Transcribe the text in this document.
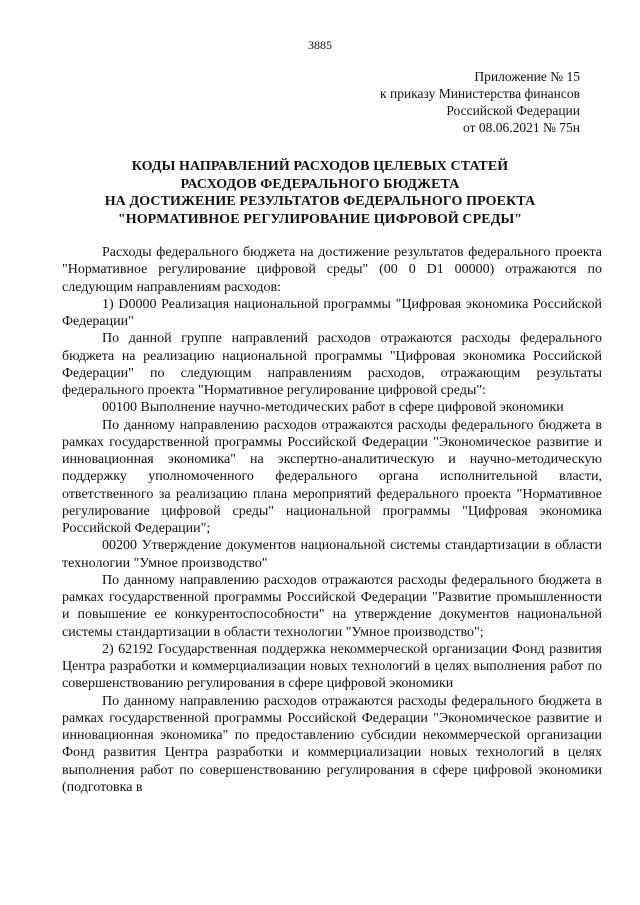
3885
Приложение № 15
к приказу Министерства финансов
Российской Федерации
от 08.06.2021 № 75н
КОДЫ НАПРАВЛЕНИЙ РАСХОДОВ ЦЕЛЕВЫХ СТАТЕЙ
РАСХОДОВ ФЕДЕРАЛЬНОГО БЮДЖЕТА
НА ДОСТИЖЕНИЕ РЕЗУЛЬТАТОВ ФЕДЕРАЛЬНОГО ПРОЕКТА
"НОРМАТИВНОЕ РЕГУЛИРОВАНИЕ ЦИФРОВОЙ СРЕДЫ"

Расходы федерального бюджета на достижение результатов федерального проекта "Нормативное регулирование цифровой среды" (00 0 D1 00000) отражаются по следующим направлениям расходов:

1) D0000 Реализация национальной программы "Цифровая экономика Российской Федерации"

По данной группе направлений расходов отражаются расходы федерального бюджета на реализацию национальной программы "Цифровая экономика Российской Федерации" по следующим направлениям расходов, отражающим результаты федерального проекта "Нормативное регулирование цифровой среды":

00100 Выполнение научно-методических работ в сфере цифровой экономики

По данному направлению расходов отражаются расходы федерального бюджета в рамках государственной программы Российской Федерации "Экономическое развитие и инновационная экономика" на экспертно-аналитическую и научно-методическую поддержку уполномоченного федерального органа исполнительной власти, ответственного за реализацию плана мероприятий федерального проекта "Нормативное регулирование цифровой среды" национальной программы "Цифровая экономика Российской Федерации";

00200 Утверждение документов национальной системы стандартизации в области технологии "Умное производство"

По данному направлению расходов отражаются расходы федерального бюджета в рамках государственной программы Российской Федерации "Развитие промышленности и повышение ее конкурентоспособности" на утверждение документов национальной системы стандартизации в области технологии "Умное производство";

2) 62192 Государственная поддержка некоммерческой организации Фонд развития Центра разработки и коммерциализации новых технологий в целях выполнения работ по совершенствованию регулирования в сфере цифровой экономики

По данному направлению расходов отражаются расходы федерального бюджета в рамках государственной программы Российской Федерации "Экономическое развитие и инновационная экономика" по предоставлению субсидии некоммерческой организации Фонд развития Центра разработки и коммерциализации новых технологий в целях выполнения работ по совершенствованию регулирования в сфере цифровой экономики (подготовка в
